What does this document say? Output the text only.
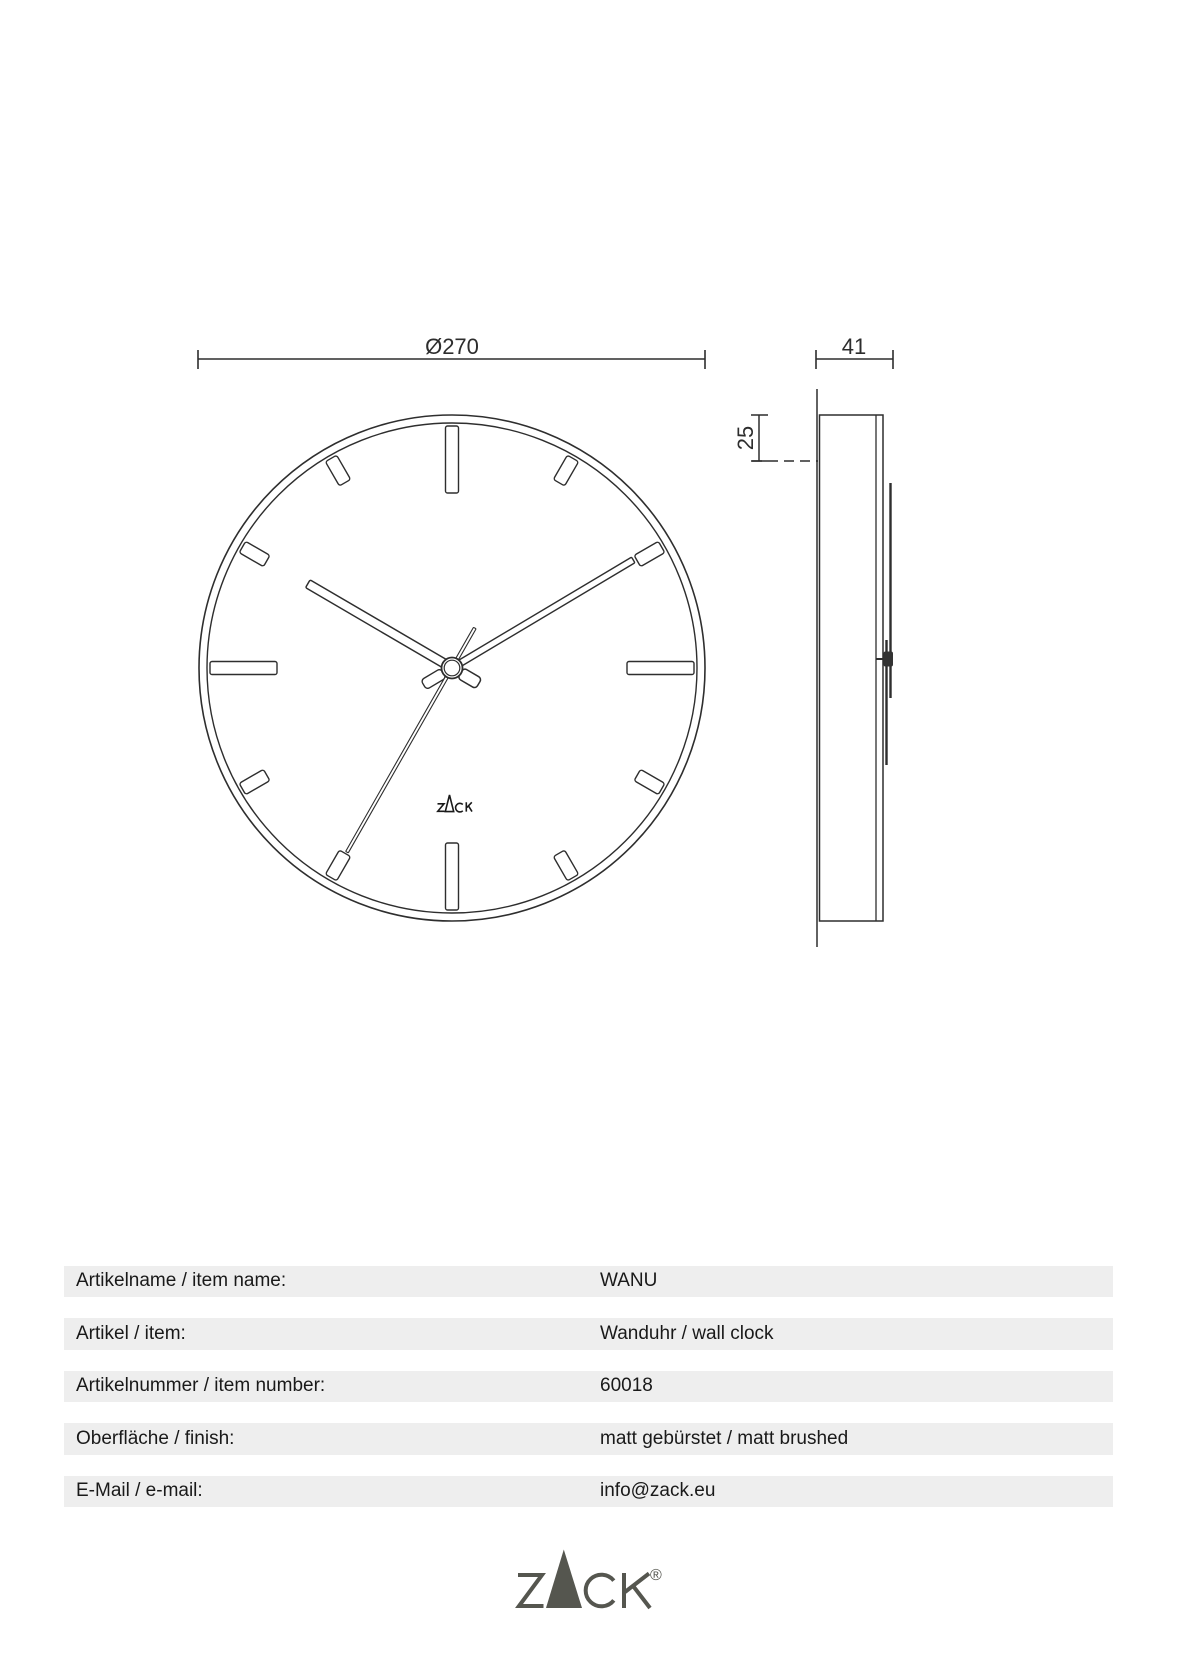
Ø270	41
25
®
Artikelname / item name:	WANU
Artikel / item:	Wanduhr / wall clock
Artikelnummer / item number:	60018
Oberfläche / finish:	matt gebürstet / matt brushed
E-Mail / e-mail:	info@zack.eu
